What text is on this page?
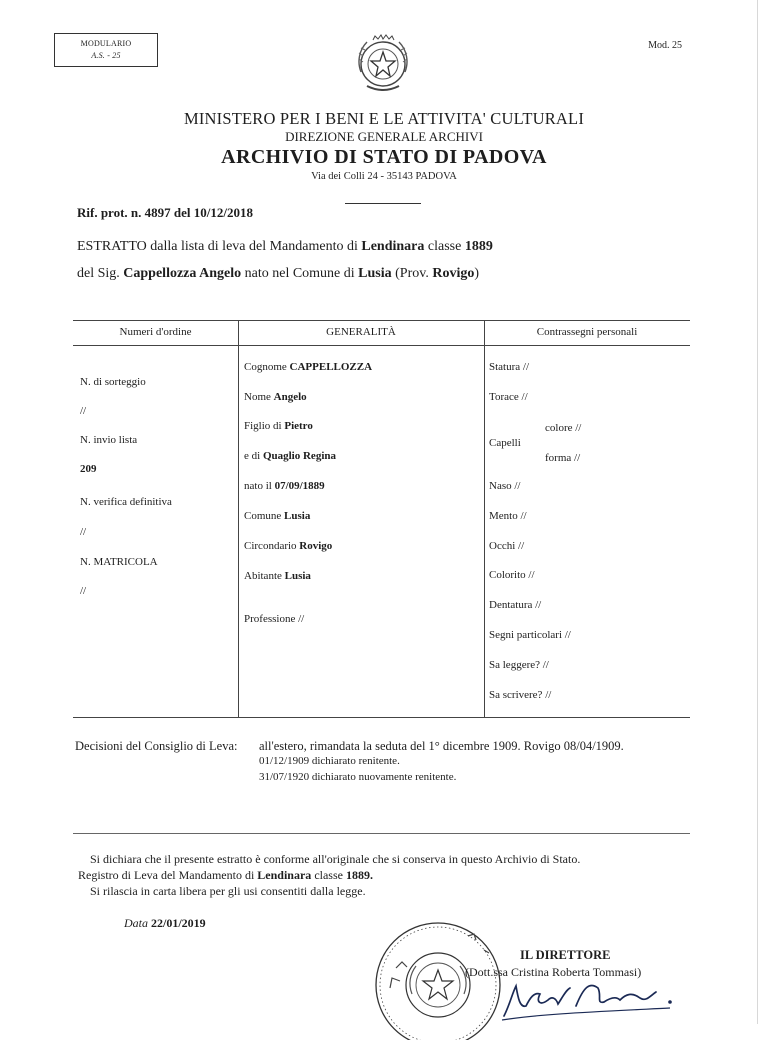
MODULARIO
A.S. - 25
Mod. 25
MINISTERO PER I BENI E LE ATTIVITA' CULTURALI
DIREZIONE GENERALE ARCHIVI
ARCHIVIO DI STATO DI PADOVA
Via dei Colli 24 - 35143 PADOVA
Rif. prot. n. 4897 del 10/12/2018
ESTRATTO dalla lista di leva del Mandamento di Lendinara classe 1889
del Sig. Cappellozza Angelo nato nel Comune di Lusia (Prov. Rovigo)
Numeri d'ordine	GENERALITÀ	Contrassegni personali
N. di sorteggio
//
N. invio lista
209
N. verifica definitiva
//
N. MATRICOLA
//
Cognome CAPPELLOZZA
Nome Angelo
Figlio di Pietro
e di Quaglio Regina
nato il 07/09/1889
Comune Lusia
Circondario Rovigo
Abitante Lusia
Professione //
Statura //
Torace //
colore //
Capelli
forma //
Naso //
Mento //
Occhi //
Colorito //
Dentatura //
Segni particolari //
Sa leggere? //
Sa scrivere? //
Decisioni del Consiglio di Leva: all'estero, rimandata la seduta del 1° dicembre 1909. Rovigo 08/04/1909.
01/12/1909 dichiarato renitente.
31/07/1920 dichiarato nuovamente renitente.
Si dichiara che il presente estratto è conforme all'originale che si conserva in questo Archivio di Stato.
Registro di Leva del Mandamento di Lendinara classe 1889.
Si rilascia in carta libera per gli usi consentiti dalla legge.
Data 22/01/2019
IL DIRETTORE
(Dott.ssa Cristina Roberta Tommasi)
